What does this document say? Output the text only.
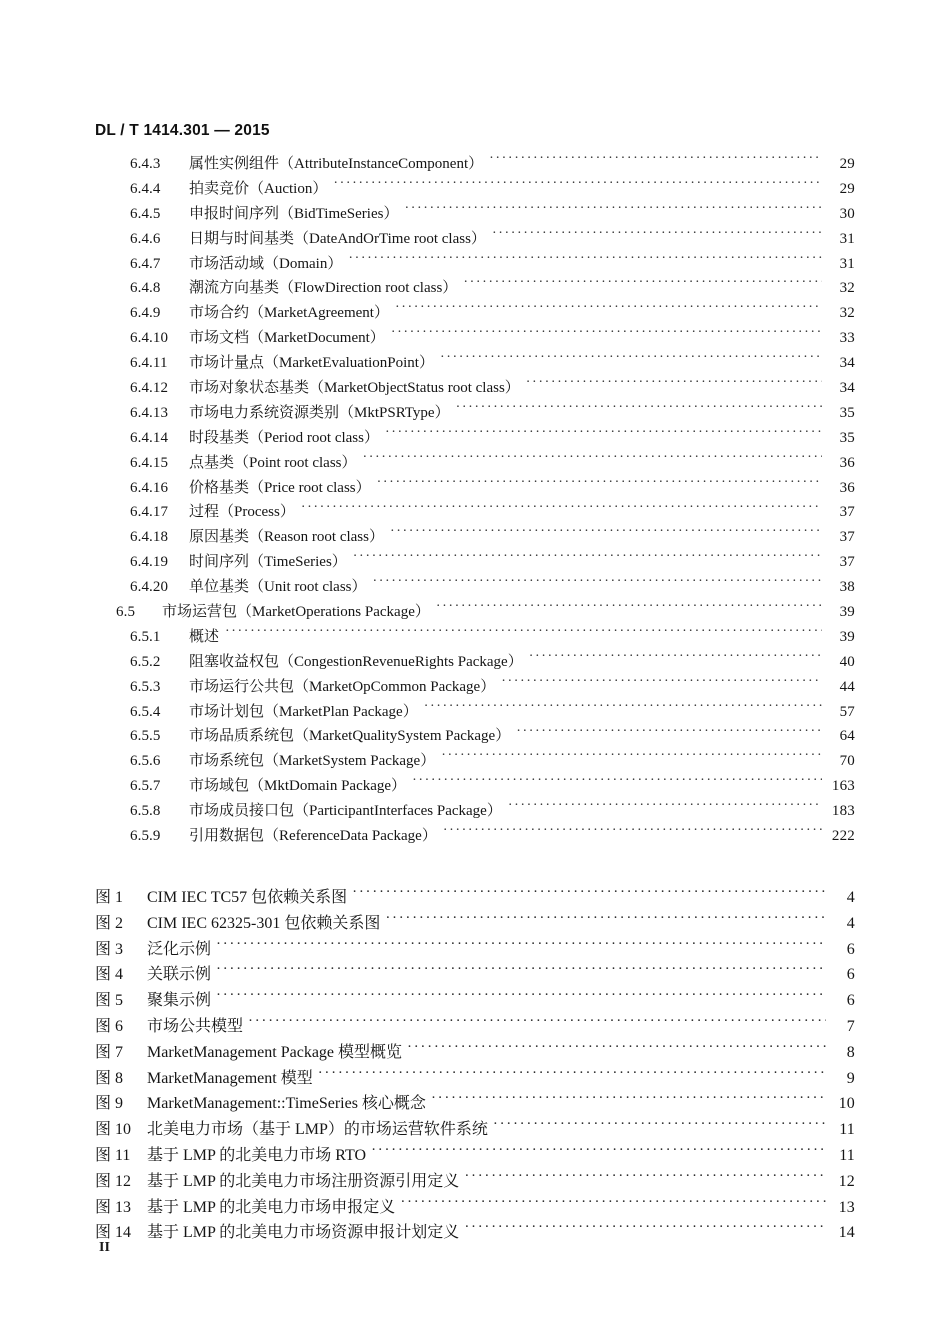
DL / T 1414.301 — 2015
6.4.3	属性实例组件（AttributeInstanceComponent） ·····	29
6.4.4	拍卖竞价（Auction） ·····	29
6.4.5	申报时间序列（BidTimeSeries） ·····	30
6.4.6	日期与时间基类（DateAndOrTime root class） ·····	31
6.4.7	市场活动域（Domain） ·····	31
6.4.8	潮流方向基类（FlowDirection root class） ·····	32
6.4.9	市场合约（MarketAgreement） ·····	32
6.4.10	市场文档（MarketDocument） ·····	33
6.4.11	市场计量点（MarketEvaluationPoint） ·····	34
6.4.12	市场对象状态基类（MarketObjectStatus root class） ·····	34
6.4.13	市场电力系统资源类别（MktPSRType） ·····	35
6.4.14	时段基类（Period root class） ·····	35
6.4.15	点基类（Point root class） ·····	36
6.4.16	价格基类（Price root class） ·····	36
6.4.17	过程（Process） ·····	37
6.4.18	原因基类（Reason root class） ·····	37
6.4.19	时间序列（TimeSeries） ·····	37
6.4.20	单位基类（Unit root class） ·····	38
6.5	市场运营包（MarketOperations Package） ·····	39
6.5.1	概述 ·····	39
6.5.2	阻塞收益权包（CongestionRevenueRights Package） ·····	40
6.5.3	市场运行公共包（MarketOpCommon Package） ·····	44
6.5.4	市场计划包（MarketPlan Package） ·····	57
6.5.5	市场品质系统包（MarketQualitySystem Package） ·····	64
6.5.6	市场系统包（MarketSystem Package） ·····	70
6.5.7	市场域包（MktDomain Package） ·····	163
6.5.8	市场成员接口包（ParticipantInterfaces Package） ·····	183
6.5.9	引用数据包（ReferenceData Package） ·····	222
图 1	CIM IEC TC57 包依赖关系图 ·····	4
图 2	CIM IEC 62325-301 包依赖关系图 ·····	4
图 3	泛化示例 ·····	6
图 4	关联示例 ·····	6
图 5	聚集示例 ·····	6
图 6	市场公共模型 ·····	7
图 7	MarketManagement Package 模型概览 ·····	8
图 8	MarketManagement 模型 ·····	9
图 9	MarketManagement::TimeSeries 核心概念 ·····	10
图 10 北美电力市场（基于 LMP）的市场运营软件系统 ·····	11
图 11	基于 LMP 的北美电力市场 RTO ·····	11
图 12 基于 LMP 的北美电力市场注册资源引用定义 ·····	12
图 13 基于 LMP 的北美电力市场申报定义 ·····	13
图 14 基于 LMP 的北美电力市场资源申报计划定义 ·····	14
II
